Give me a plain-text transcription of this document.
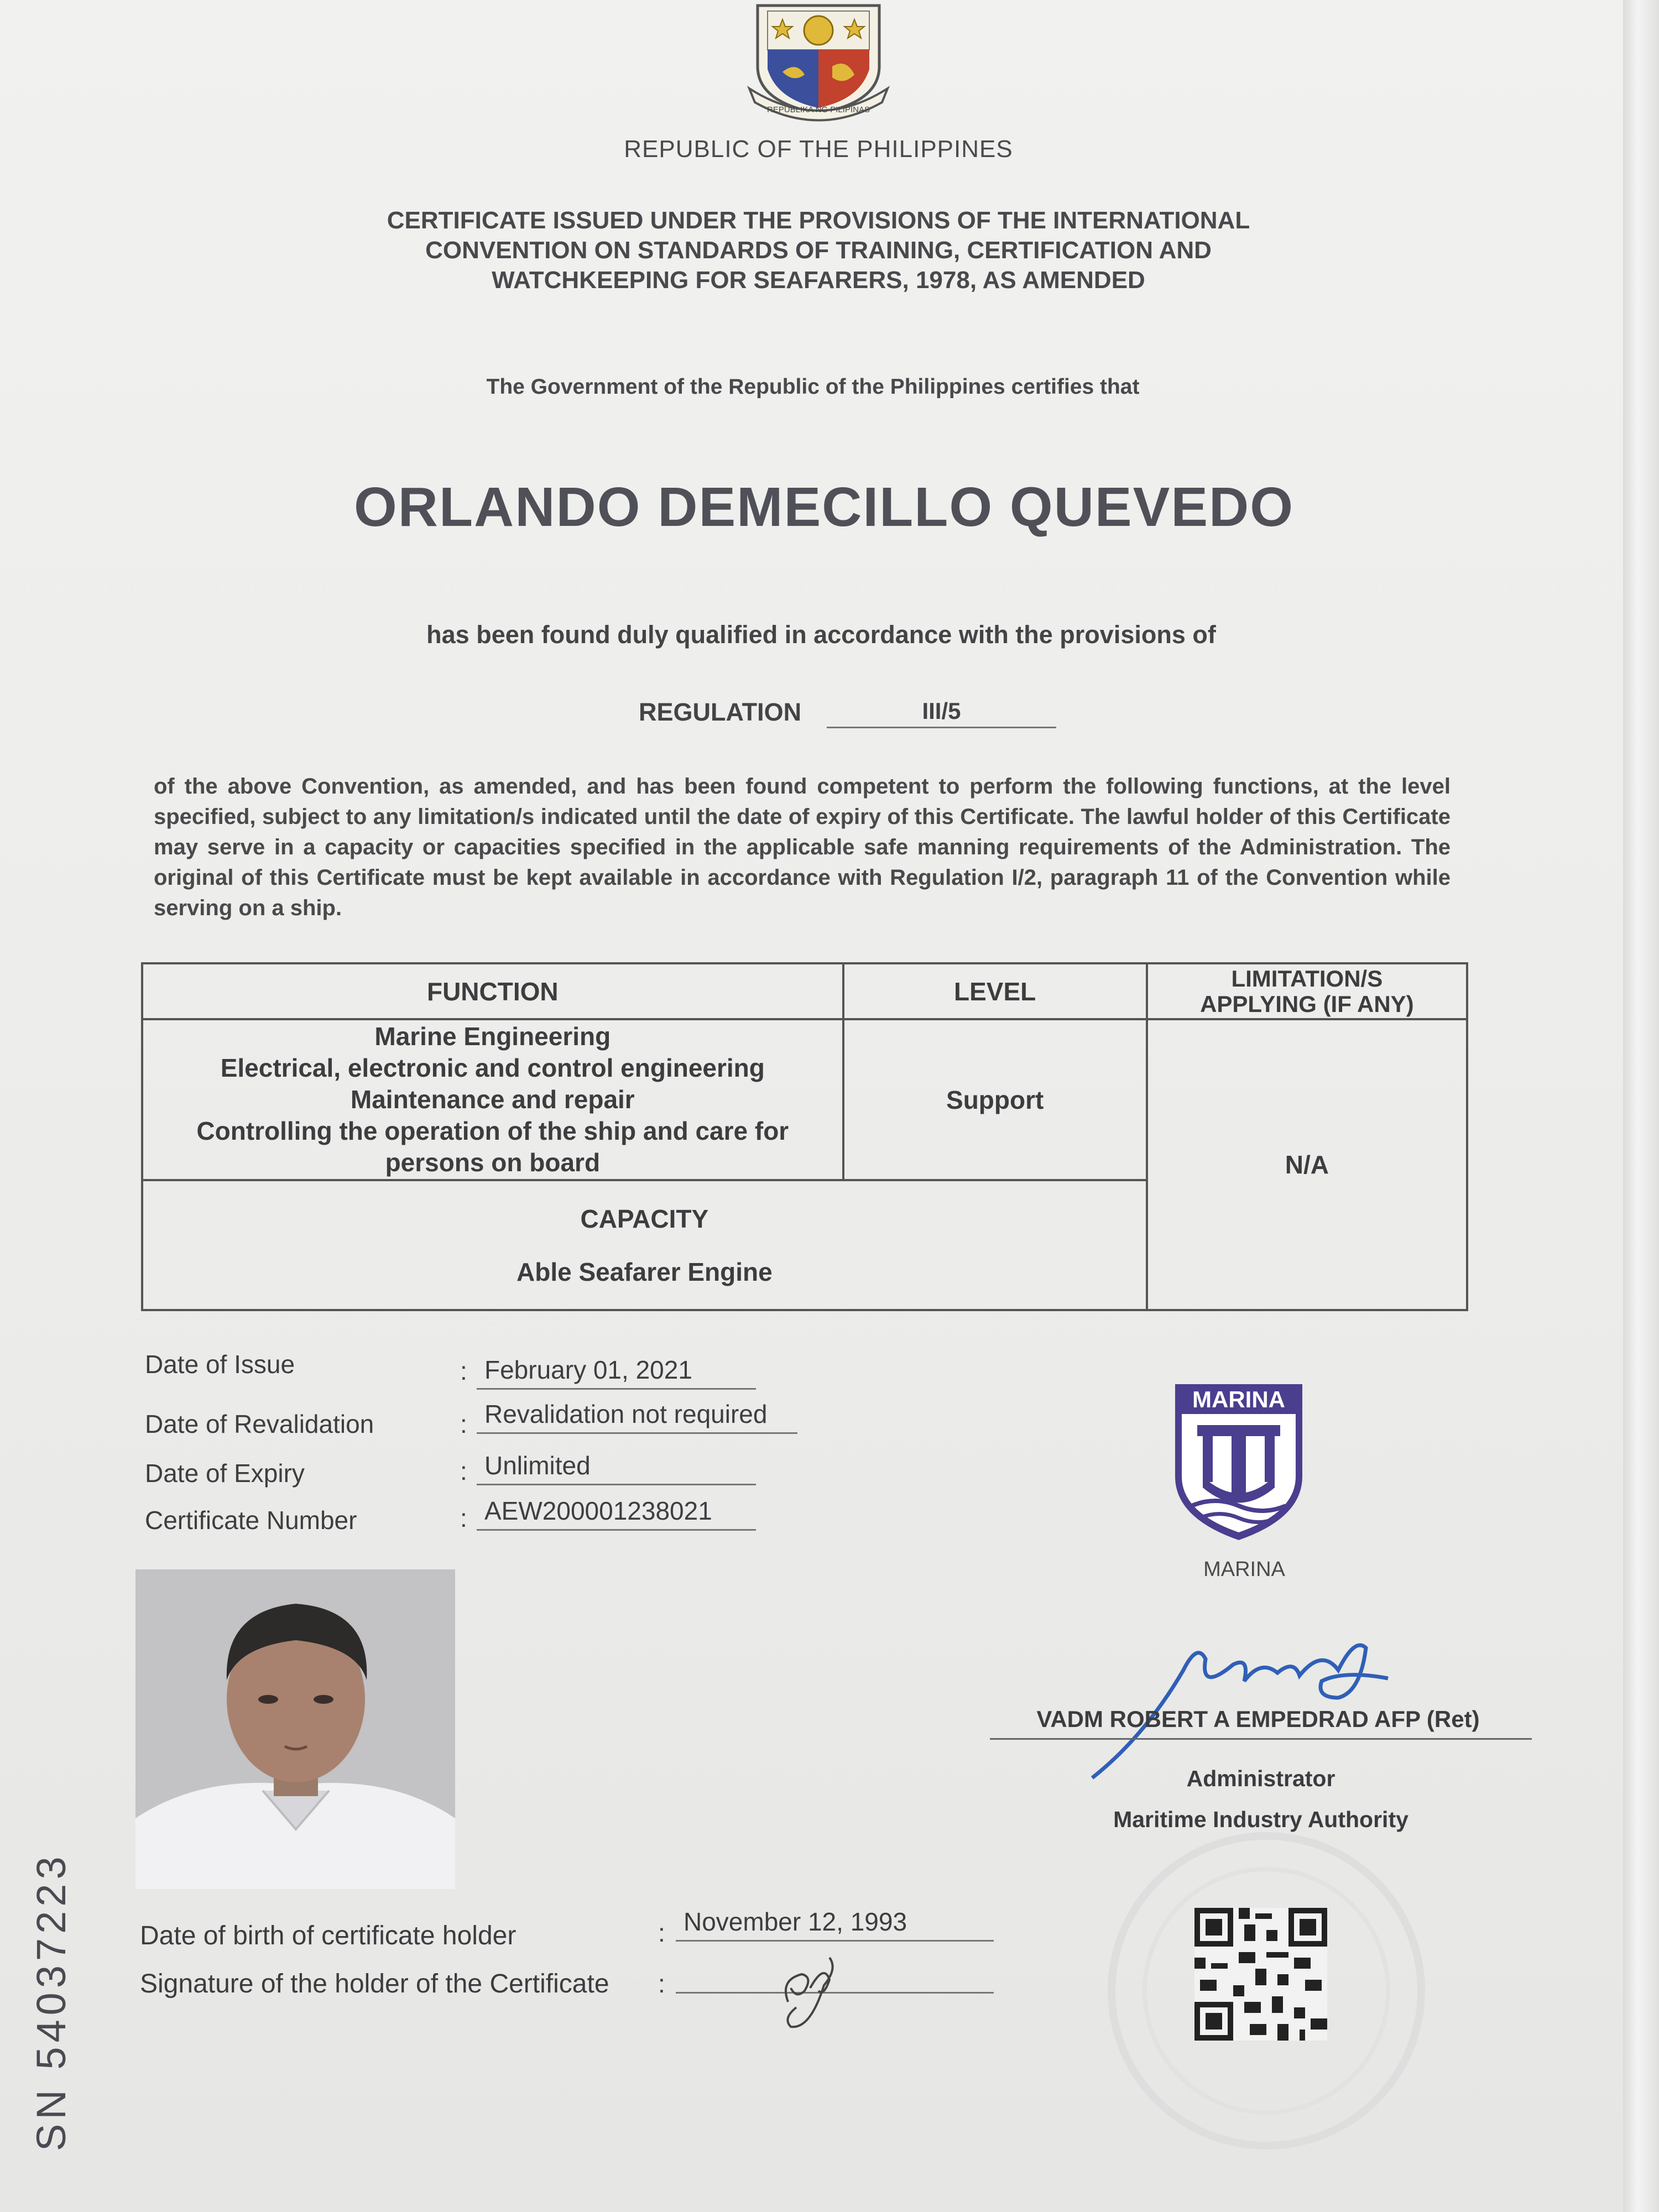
REPUBLIKA NG PILIPINAS
REPUBLIC OF THE PHILIPPINES
CERTIFICATE ISSUED UNDER THE PROVISIONS OF THE INTERNATIONAL
CONVENTION ON STANDARDS OF TRAINING, CERTIFICATION AND
WATCHKEEPING FOR SEAFARERS, 1978, AS AMENDED
The Government of the Republic of the Philippines certifies that
ORLANDO DEMECILLO QUEVEDO
has been found duly qualified in accordance with the provisions of
REGULATION	III/5
of the above Convention, as amended, and has been found competent to perform the following functions, at the level specified, subject to any limitation/s indicated until the date of expiry of this Certificate. The lawful holder of this Certificate may serve in a capacity or capacities specified in the applicable safe manning requirements of the Administration. The original of this Certificate must be kept available in accordance with Regulation I/2, paragraph 11 of the Convention while serving on a ship.
FUNCTION	LEVEL	LIMITATION/S
APPLYING (IF ANY)

Marine Engineering
Electrical, electronic and control engineering
Maintenance and repair
Controlling the operation of the ship and care for
persons on board	Support	N/A

CAPACITY
Able Seafarer Engine		
Date of Issue	: February 01, 2021
Date of Revalidation	: Revalidation not required
Date of Expiry	: Unlimited
Certificate Number	: AEW200001238021
MARINA
MARINA
VADM ROBERT A EMPEDRAD AFP (Ret)
Administrator
Maritime Industry Authority
Date of birth of certificate holder	: November 12, 1993
Signature of the holder of the Certificate :
SN 54037223
